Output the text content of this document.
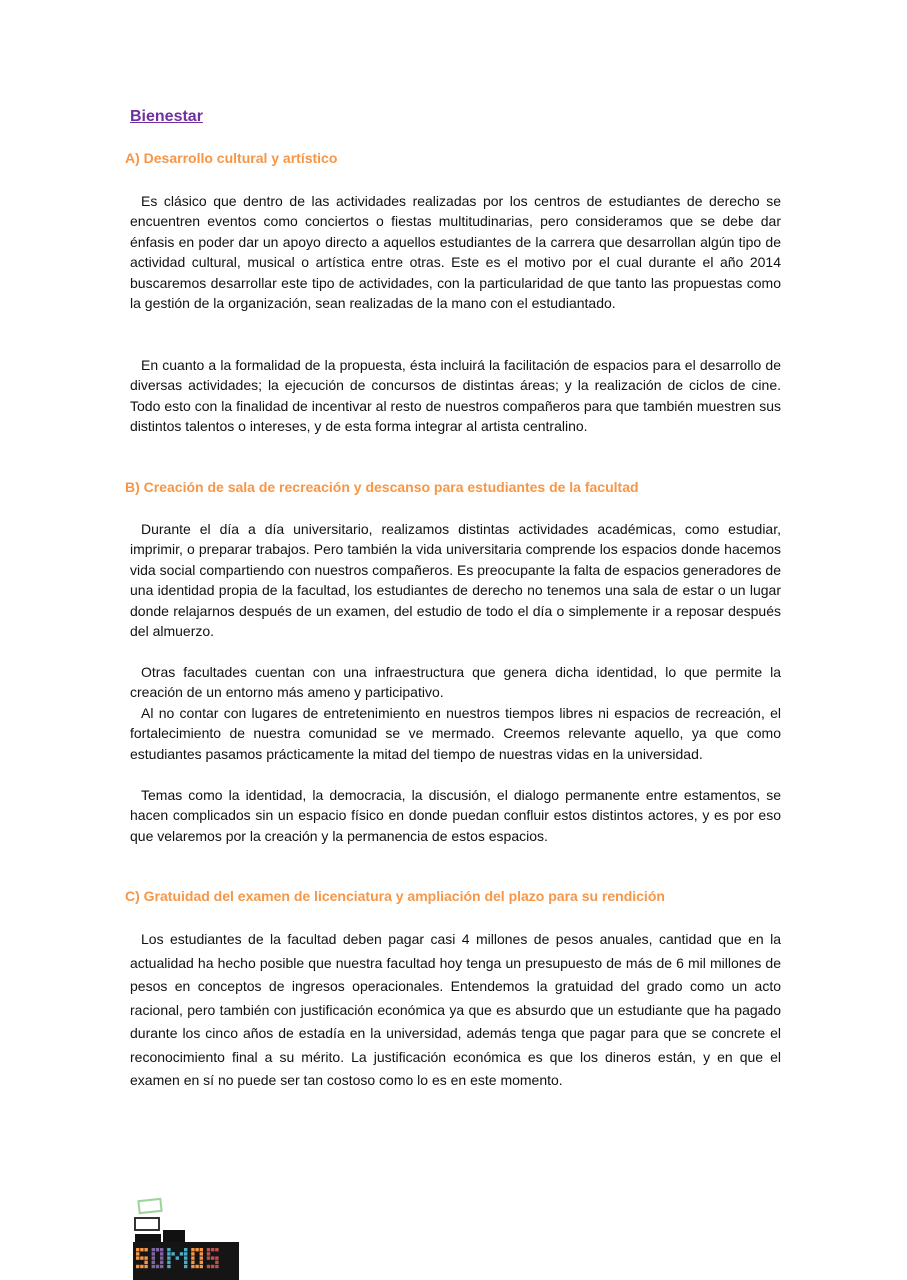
Bienestar
A) Desarrollo cultural y artístico

Es clásico que dentro de las actividades realizadas por los centros de estudiantes de derecho se encuentren eventos como conciertos o fiestas multitudinarias, pero consideramos que se debe dar énfasis en poder dar un apoyo directo a aquellos estudiantes de la carrera que desarrollan algún tipo de actividad cultural, musical o artística entre otras. Este es el motivo por el cual durante el año 2014 buscaremos desarrollar este tipo de actividades, con la particularidad de que tanto las propuestas como la gestión de la organización, sean realizadas de la mano con el estudiantado.

En cuanto a la formalidad de la propuesta, ésta incluirá la facilitación de espacios para el desarrollo de diversas actividades; la ejecución de concursos de distintas áreas; y la realización de ciclos de cine. Todo esto con la finalidad de incentivar al resto de nuestros compañeros para que también muestren sus distintos talentos o intereses, y de esta forma integrar al artista centralino.

B) Creación de sala de recreación y descanso para estudiantes de la facultad

Durante el día a día universitario, realizamos distintas actividades académicas, como estudiar, imprimir, o preparar trabajos. Pero también la vida universitaria comprende los espacios donde hacemos vida social compartiendo con nuestros compañeros. Es preocupante la falta de espacios generadores de una identidad propia de la facultad, los estudiantes de derecho no tenemos una sala de estar o un lugar donde relajarnos después de un examen, del estudio de todo el día o simplemente ir a reposar después del almuerzo.

Otras facultades cuentan con una infraestructura que genera dicha identidad, lo que permite la creación de un entorno más ameno y participativo.

Al no contar con lugares de entretenimiento en nuestros tiempos libres ni espacios de recreación, el fortalecimiento de nuestra comunidad se ve mermado. Creemos relevante aquello, ya que como estudiantes pasamos prácticamente la mitad del tiempo de nuestras vidas en la universidad.

Temas como la identidad, la democracia, la discusión, el dialogo permanente entre estamentos, se hacen complicados sin un espacio físico en donde puedan confluir estos distintos actores, y es por eso que velaremos por la creación y la permanencia de estos espacios.

C) Gratuidad del examen de licenciatura y ampliación del plazo para su rendición

Los estudiantes de la facultad deben pagar casi 4 millones de pesos anuales, cantidad que en la actualidad ha hecho posible que nuestra facultad hoy tenga un presupuesto de más de 6 mil millones de pesos en conceptos de ingresos operacionales. Entendemos la gratuidad del grado como un acto racional, pero también con justificación económica ya que es absurdo que un estudiante que ha pagado durante los cinco años de estadía en la universidad, además tenga que pagar para que se concrete el reconocimiento final a su mérito. La justificación económica es que los dineros están, y en que el examen en sí no puede ser tan costoso como lo es en este momento.
